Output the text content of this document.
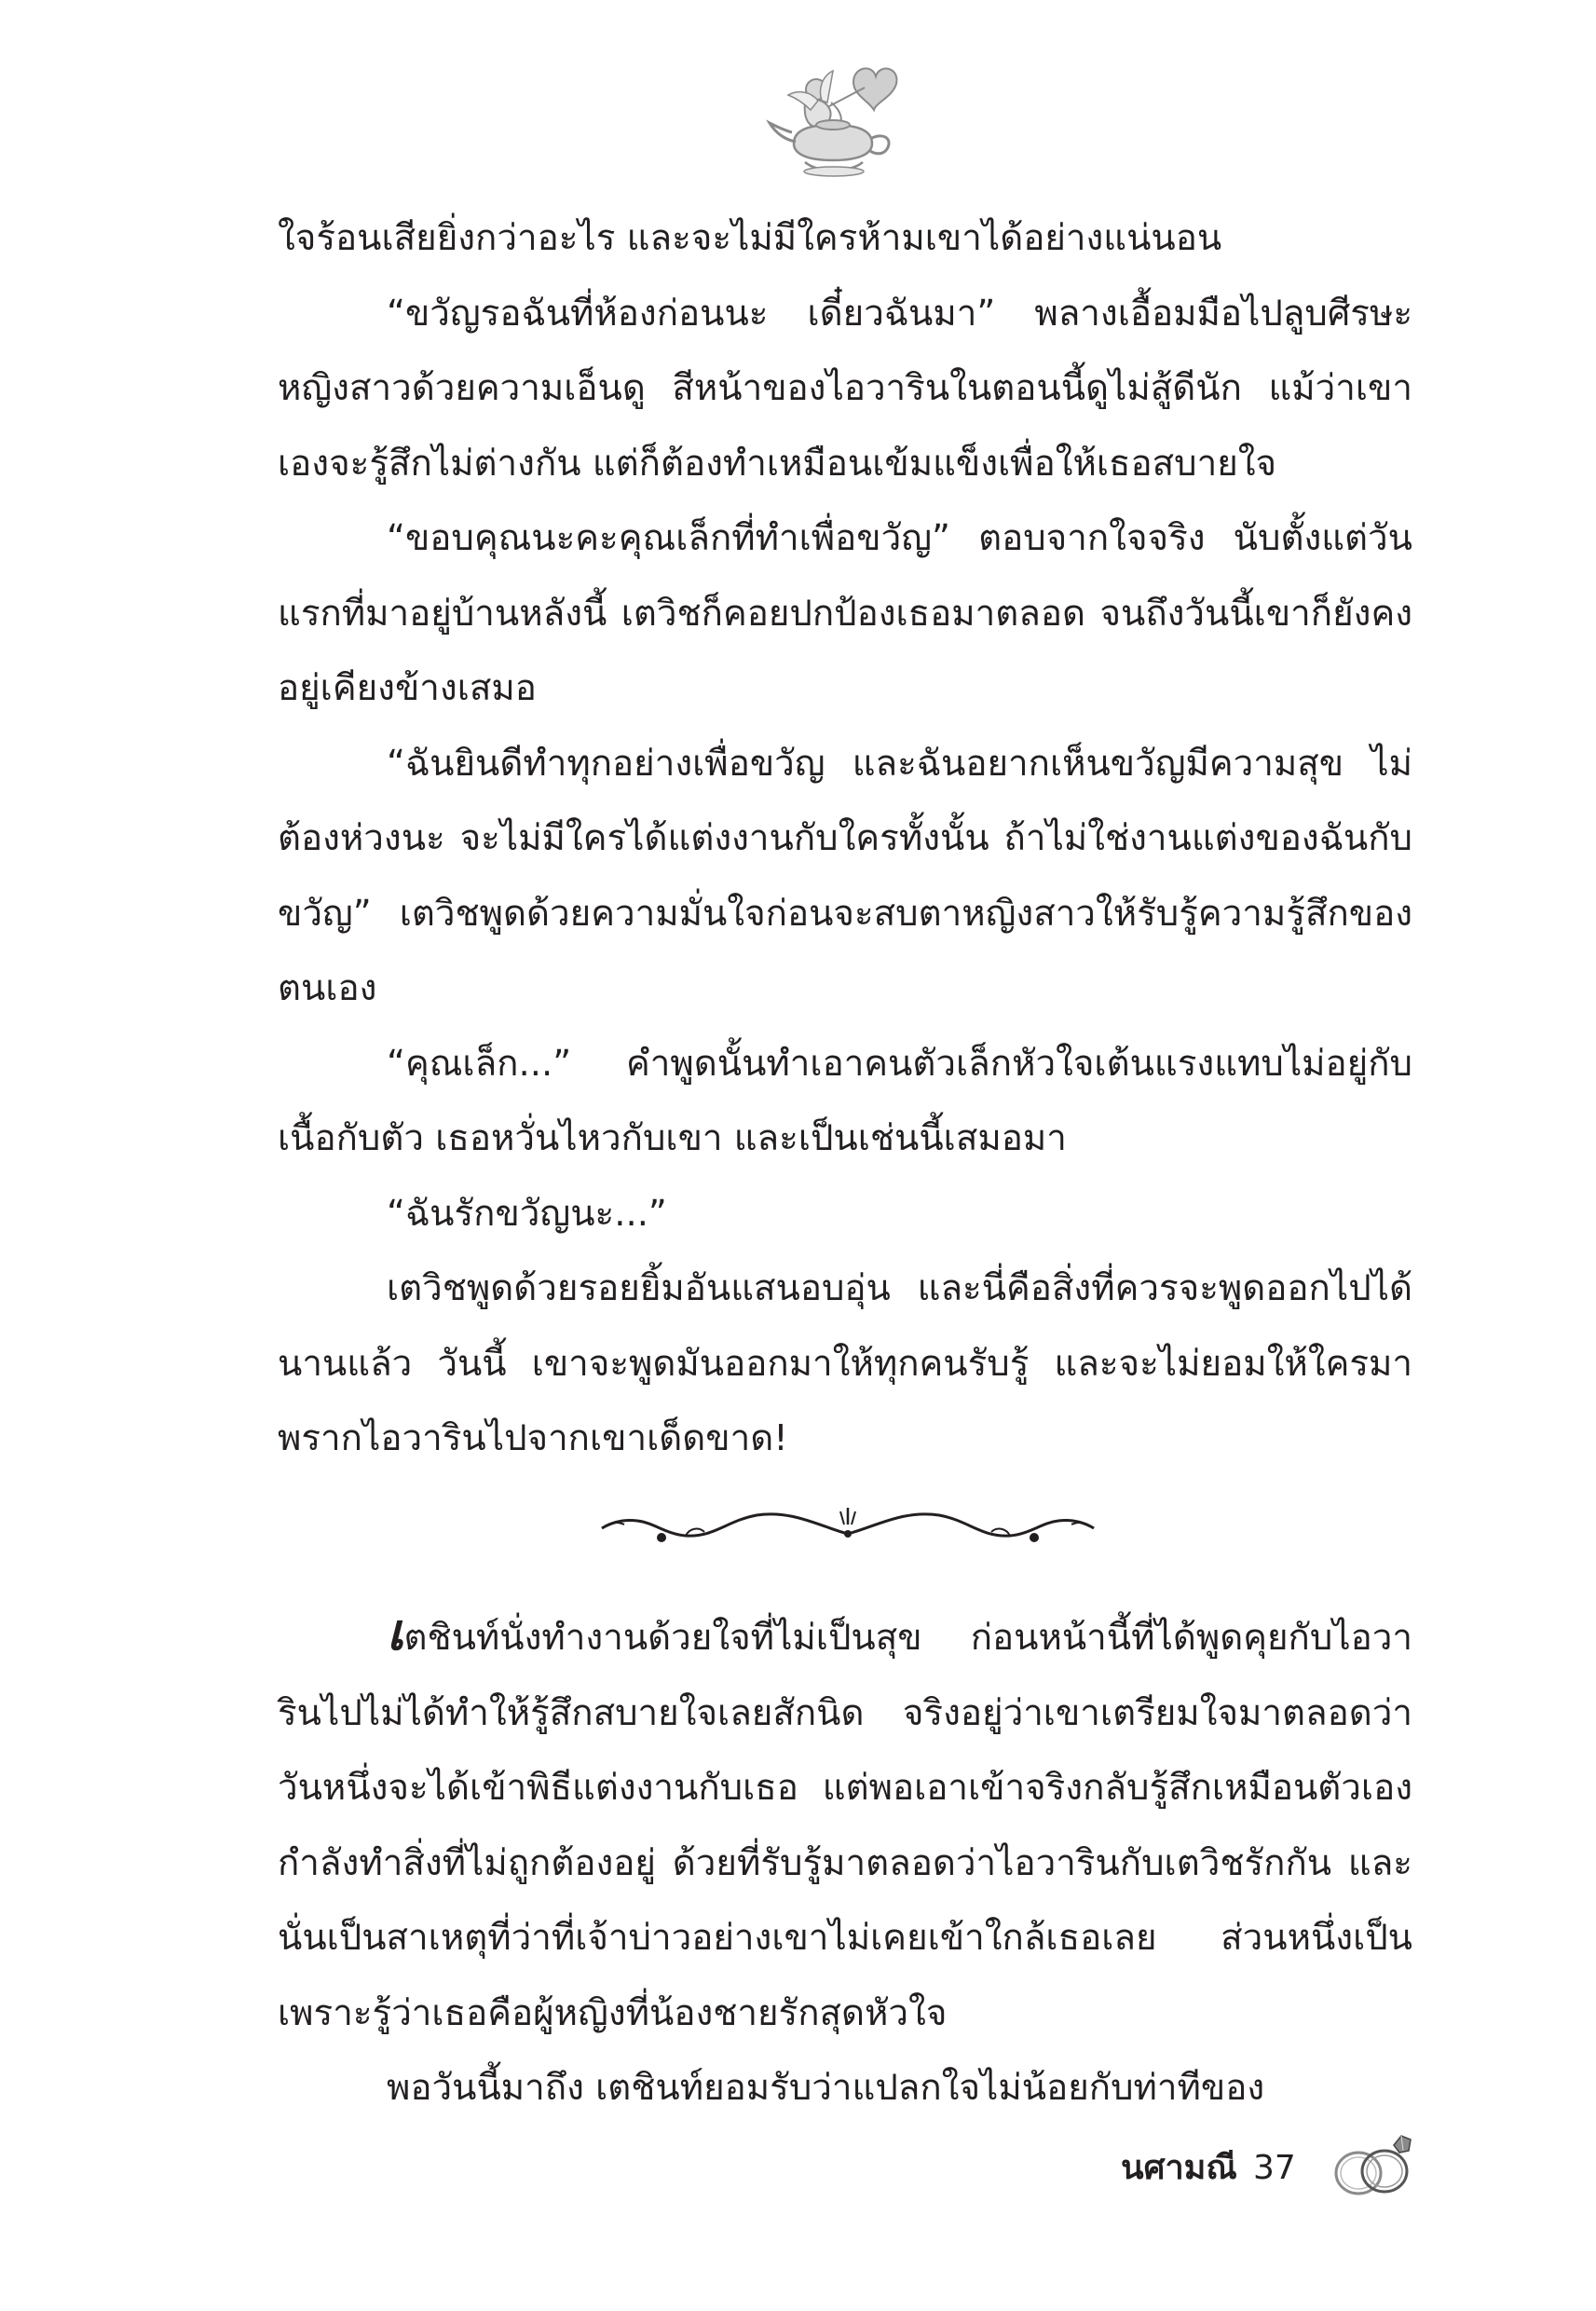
ใจร้อนเสียยิ่งกว่าอะไร และจะไม่มีใครห้ามเขาได้อย่างแน่นอน

“ขวัญรอฉันที่ห้องก่อนนะ เดี๋ยวฉันมา” พลางเอื้อมมือไปลูบศีรษะหญิงสาวด้วยความเอ็นดู สีหน้าของไอวารินในตอนนี้ดูไม่สู้ดีนัก แม้ว่าเขาเองจะรู้สึกไม่ต่างกัน แต่ก็ต้องทำเหมือนเข้มแข็งเพื่อให้เธอสบายใจ

“ขอบคุณนะคะคุณเล็กที่ทำเพื่อขวัญ” ตอบจากใจจริง นับตั้งแต่วันแรกที่มาอยู่บ้านหลังนี้ เตวิชก็คอยปกป้องเธอมาตลอด จนถึงวันนี้เขาก็ยังคงอยู่เคียงข้างเสมอ

“ฉันยินดีทำทุกอย่างเพื่อขวัญ และฉันอยากเห็นขวัญมีความสุข ไม่ต้องห่วงนะ จะไม่มีใครได้แต่งงานกับใครทั้งนั้น ถ้าไม่ใช่งานแต่งของฉันกับขวัญ” เตวิชพูดด้วยความมั่นใจก่อนจะสบตาหญิงสาวให้รับรู้ความรู้สึกของตนเอง

“คุณเล็ก...” คำพูดนั้นทำเอาคนตัวเล็กหัวใจเต้นแรงแทบไม่อยู่กับเนื้อกับตัว เธอหวั่นไหวกับเขา และเป็นเช่นนี้เสมอมา

“ฉันรักขวัญนะ...”

เตวิชพูดด้วยรอยยิ้มอันแสนอบอุ่น และนี่คือสิ่งที่ควรจะพูดออกไปได้นานแล้ว วันนี้ เขาจะพูดมันออกมาให้ทุกคนรับรู้ และจะไม่ยอมให้ใครมาพรากไอวารินไปจากเขาเด็ดขาด!

เตชินท์นั่งทำงานด้วยใจที่ไม่เป็นสุข ก่อนหน้านี้ที่ได้พูดคุยกับไอวารินไปไม่ได้ทำให้รู้สึกสบายใจเลยสักนิด จริงอยู่ว่าเขาเตรียมใจมาตลอดว่าวันหนึ่งจะได้เข้าพิธีแต่งงานกับเธอ แต่พอเอาเข้าจริงกลับรู้สึกเหมือนตัวเองกำลังทำสิ่งที่ไม่ถูกต้องอยู่ ด้วยที่รับรู้มาตลอดว่าไอวารินกับเตวิชรักกัน และนั่นเป็นสาเหตุที่ว่าที่เจ้าบ่าวอย่างเขาไม่เคยเข้าใกล้เธอเลย ส่วนหนึ่งเป็นเพราะรู้ว่าเธอคือผู้หญิงที่น้องชายรักสุดหัวใจ

พอวันนี้มาถึง เตชินท์ยอมรับว่าแปลกใจไม่น้อยกับท่าทีของ

นศามณี 37
